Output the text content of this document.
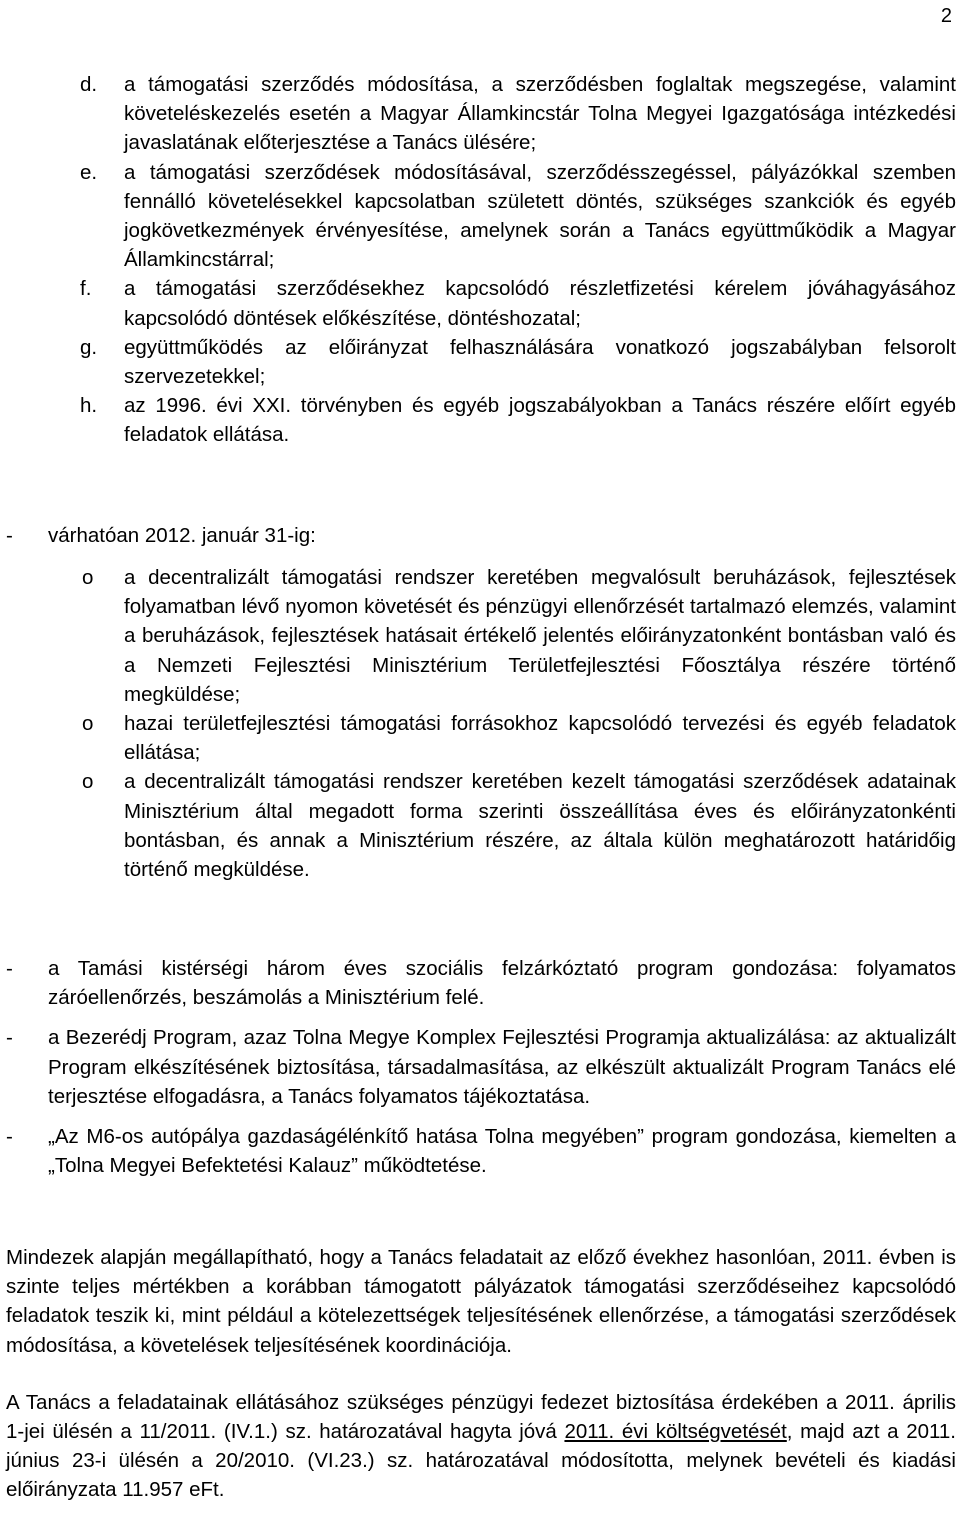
2
d. a támogatási szerződés módosítása, a szerződésben foglaltak megszegése, valamint követeléskezelés esetén a Magyar Államkincstár Tolna Megyei Igazgatósága intézkedési javaslatának előterjesztése a Tanács ülésére;
e. a támogatási szerződések módosításával, szerződésszegéssel, pályázókkal szemben fennálló követelésekkel kapcsolatban született döntés, szükséges szankciók és egyéb jogkövetkezmények érvényesítése, amelynek során a Tanács együttműködik a Magyar Államkincstárral;
f. a támogatási szerződésekhez kapcsolódó részletfizetési kérelem jóváhagyásához kapcsolódó döntések előkészítése, döntéshozatal;
g. együttműködés az előirányzat felhasználására vonatkozó jogszabályban felsorolt szervezetekkel;
h. az 1996. évi XXI. törvényben és egyéb jogszabályokban a Tanács részére előírt egyéb feladatok ellátása.
- várhatóan 2012. január 31-ig:
o a decentralizált támogatási rendszer keretében megvalósult beruházások, fejlesztések folyamatban lévő nyomon követését és pénzügyi ellenőrzését tartalmazó elemzés, valamint a beruházások, fejlesztések hatásait értékelő jelentés előirányzatonként bontásban való és a Nemzeti Fejlesztési Minisztérium Területfejlesztési Főosztálya részére történő megküldése;
o hazai területfejlesztési támogatási forrásokhoz kapcsolódó tervezési és egyéb feladatok ellátása;
o a decentralizált támogatási rendszer keretében kezelt támogatási szerződések adatainak Minisztérium által megadott forma szerinti összeállítása éves és előirányzatonkénti bontásban, és annak a Minisztérium részére, az általa külön meghatározott határidőig történő megküldése.
- a Tamási kistérségi három éves szociális felzárkóztató program gondozása: folyamatos záróellenőrzés, beszámolás a Minisztérium felé.
- a Bezerédj Program, azaz Tolna Megye Komplex Fejlesztési Programja aktualizálása: az aktualizált Program elkészítésének biztosítása, társadalmasítása, az elkészült aktualizált Program Tanács elé terjesztése elfogadásra, a Tanács folyamatos tájékoztatása.
- „Az M6-os autópálya gazdaságélénkítő hatása Tolna megyében” program gondozása, kiemelten a „Tolna Megyei Befektetési Kalauz” működtetése.
Mindezek alapján megállapítható, hogy a Tanács feladatait az előző évekhez hasonlóan, 2011. évben is szinte teljes mértékben a korábban támogatott pályázatok támogatási szerződéseihez kapcsolódó feladatok teszik ki, mint például a kötelezettségek teljesítésének ellenőrzése, a támogatási szerződések módosítása, a követelések teljesítésének koordinációja.
A Tanács a feladatainak ellátásához szükséges pénzügyi fedezet biztosítása érdekében a 2011. április 1-jei ülésén a 11/2011. (IV.1.) sz. határozatával hagyta jóvá 2011. évi költségvetését, majd azt a 2011. június 23-i ülésén a 20/2010. (VI.23.) sz. határozatával módosította, melynek bevételi és kiadási előirányzata 11.957 eFt.
